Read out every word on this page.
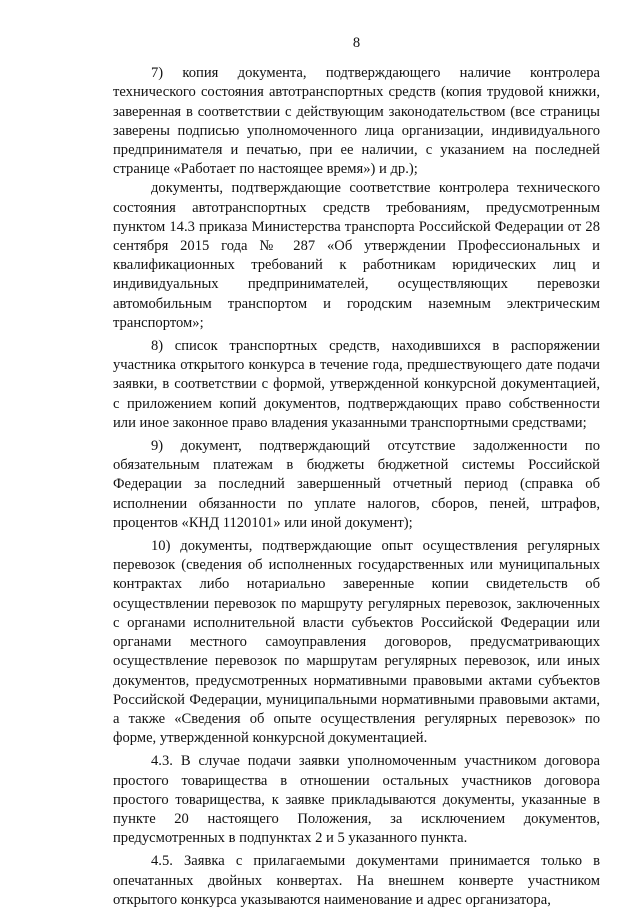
8

7) копия документа, подтверждающего наличие контролера технического состояния автотранспортных средств (копия трудовой книжки, заверенная в соответствии с действующим законодательством (все страницы заверены подписью уполномоченного лица организации, индивидуального предпринимателя и печатью, при ее наличии, с указанием на последней странице «Работает по настоящее время») и др.);

документы, подтверждающие соответствие контролера технического состояния автотранспортных средств требованиям, предусмотренным пунктом 14.3 приказа Министерства транспорта Российской Федерации от 28 сентября 2015 года № 287 «Об утверждении Профессиональных и квалификационных требований к работникам юридических лиц и индивидуальных предпринимателей, осуществляющих перевозки автомобильным транспортом и городским наземным электрическим транспортом»;

8) список транспортных средств, находившихся в распоряжении участника открытого конкурса в течение года, предшествующего дате подачи заявки, в соответствии с формой, утвержденной конкурсной документацией, с приложением копий документов, подтверждающих право собственности или иное законное право владения указанными транспортными средствами;

9) документ, подтверждающий отсутствие задолженности по обязательным платежам в бюджеты бюджетной системы Российской Федерации за последний завершенный отчетный период (справка об исполнении обязанности по уплате налогов, сборов, пеней, штрафов, процентов «КНД 1120101» или иной документ);

10) документы, подтверждающие опыт осуществления регулярных перевозок (сведения об исполненных государственных или муниципальных контрактах либо нотариально заверенные копии свидетельств об осуществлении перевозок по маршруту регулярных перевозок, заключенных с органами исполнительной власти субъектов Российской Федерации или органами местного самоуправления договоров, предусматривающих осуществление перевозок по маршрутам регулярных перевозок, или иных документов, предусмотренных нормативными правовыми актами субъектов Российской Федерации, муниципальными нормативными правовыми актами, а также «Сведения об опыте осуществления регулярных перевозок» по форме, утвержденной конкурсной документацией.

4.3. В случае подачи заявки уполномоченным участником договора простого товарищества в отношении остальных участников договора простого товарищества, к заявке прикладываются документы, указанные в пункте 20 настоящего Положения, за исключением документов, предусмотренных в подпунктах 2 и 5 указанного пункта.

4.5. Заявка с прилагаемыми документами принимается только в опечатанных двойных конвертах. На внешнем конверте участником открытого конкурса указываются наименование и адрес организатора,
